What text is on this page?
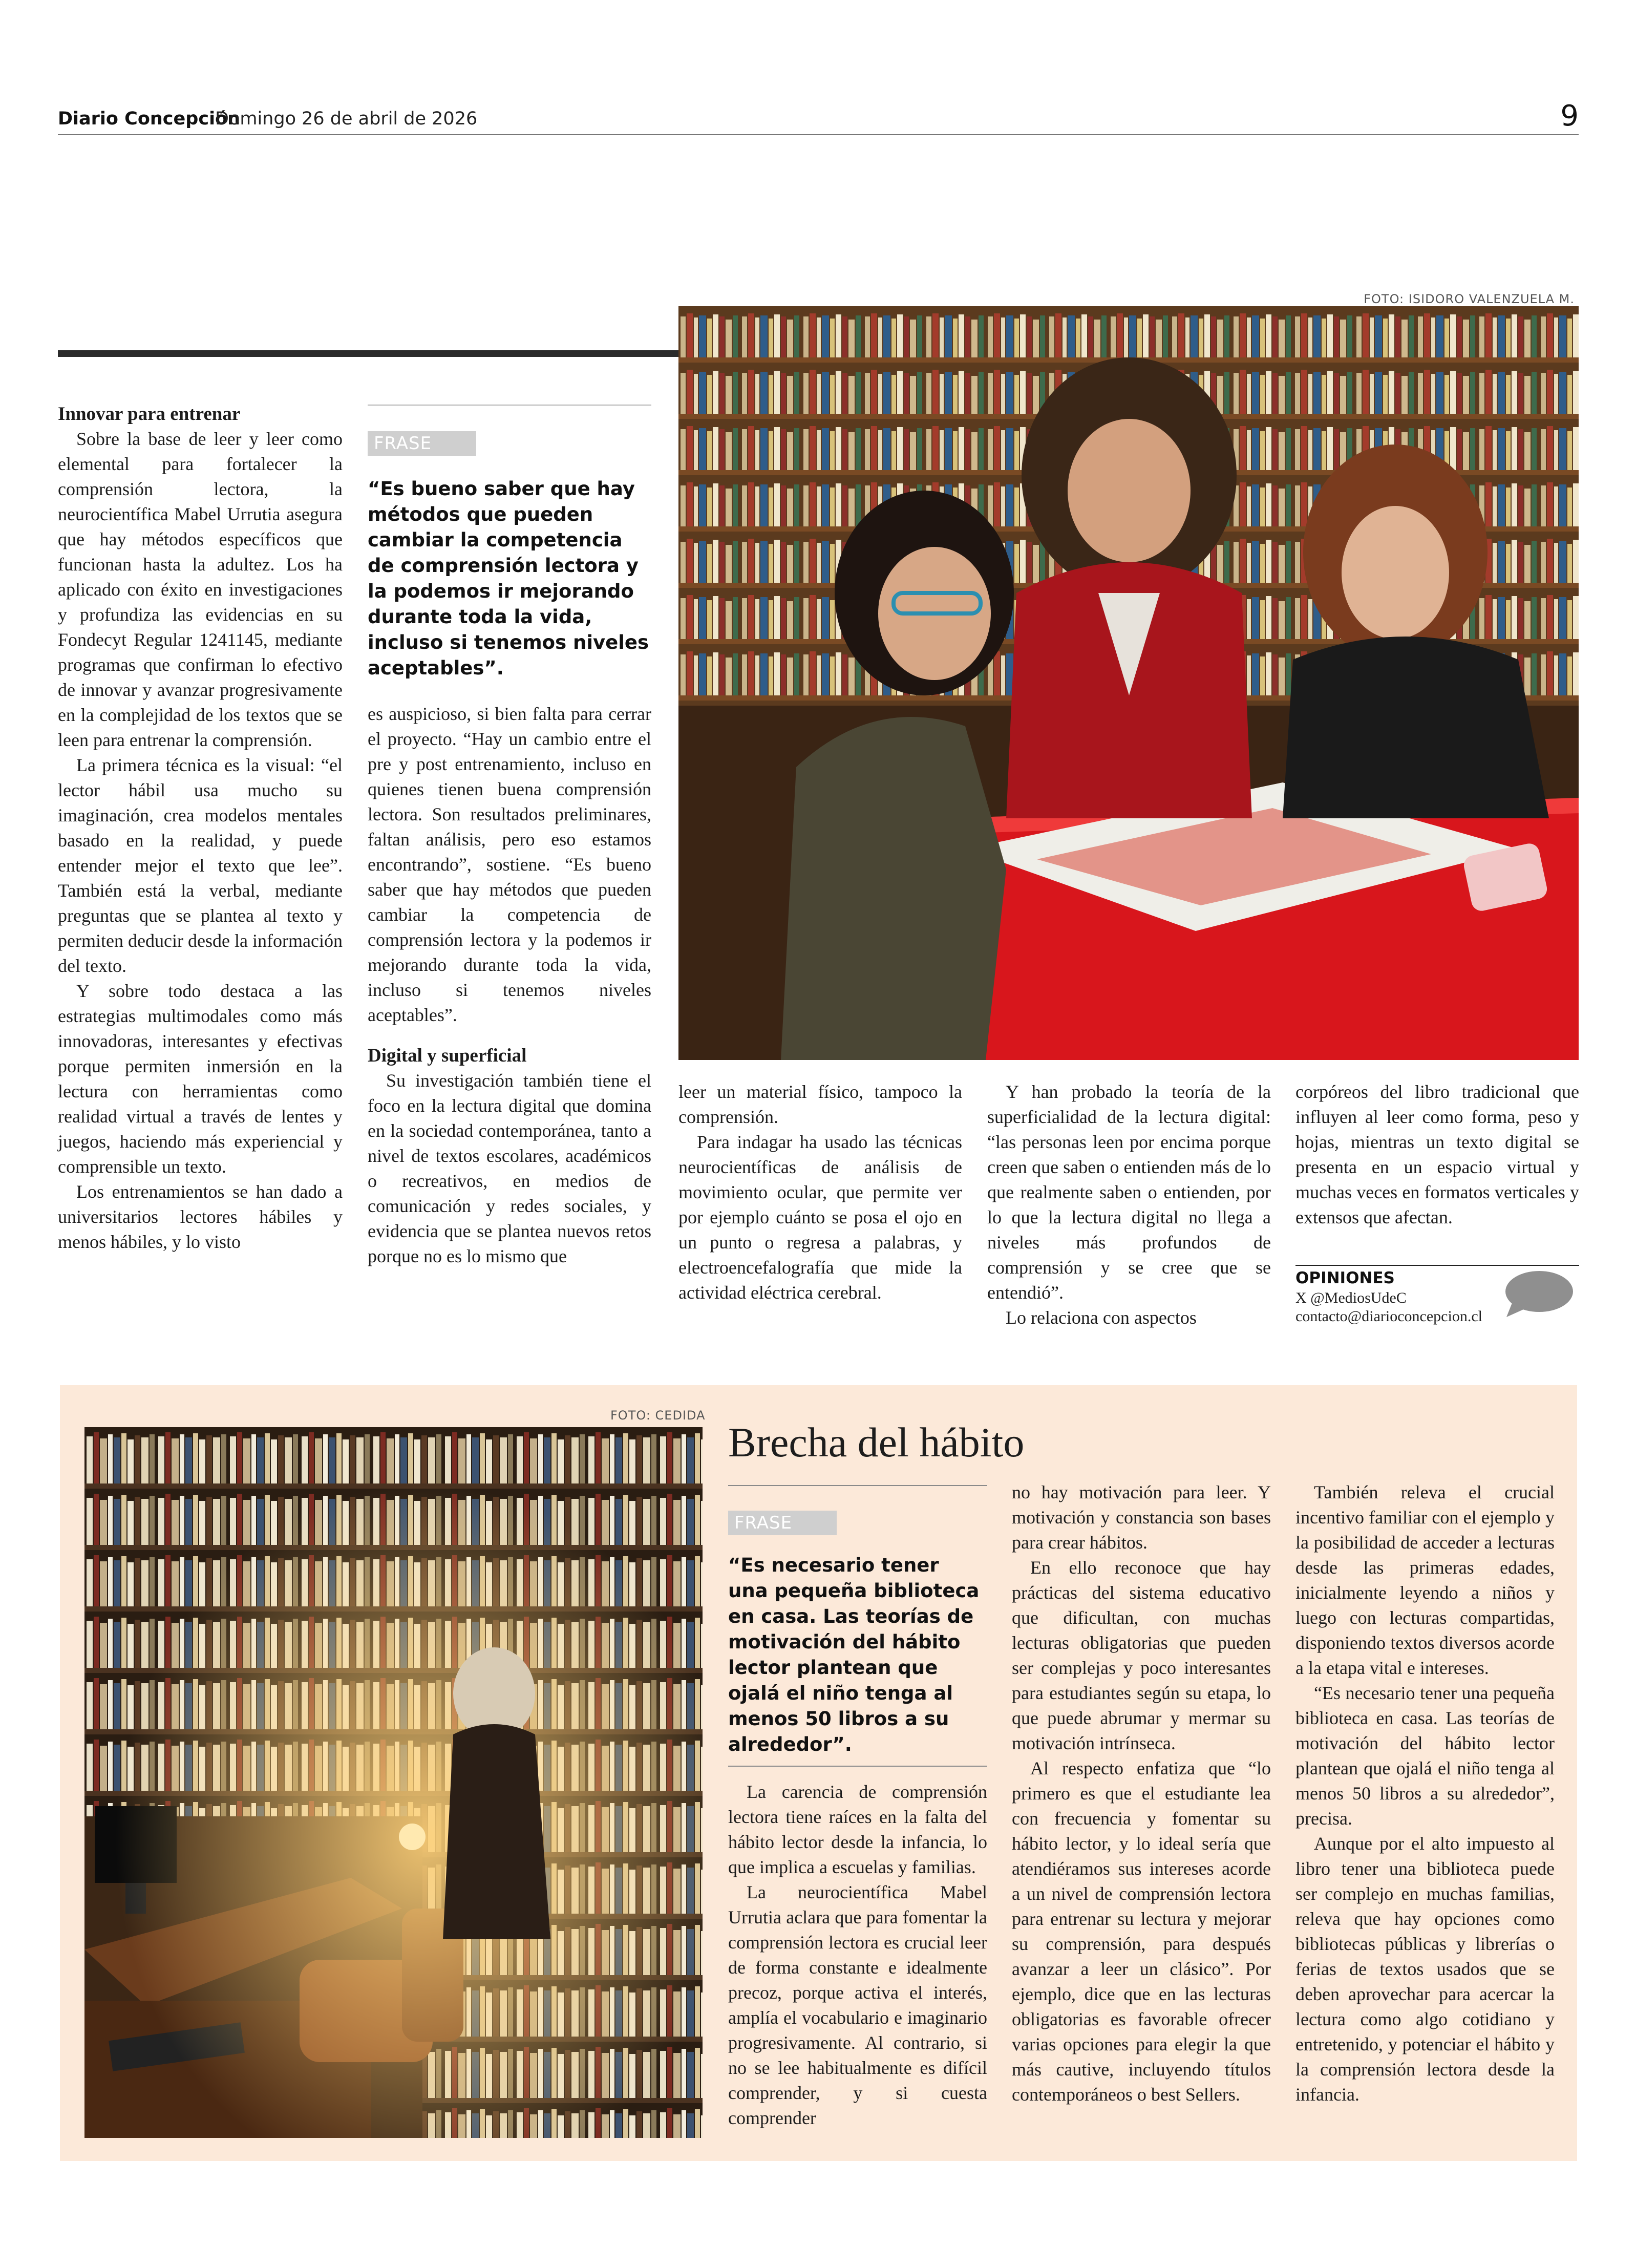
Diario Concepción
Domingo 26 de abril de 2026	9
FOTO: ISIDORO VALENZUELA M.
Innovar para entrenar

Sobre la base de leer y leer como elemental para fortalecer la comprensión lectora, la neurocientífica Mabel Urrutia asegura que hay métodos específicos que funcionan hasta la adultez. Los ha aplicado con éxito en investigaciones y profundiza las evidencias en su Fondecyt Regular 1241145, mediante programas que confirman lo efectivo de innovar y avanzar progresivamente en la complejidad de los textos que se leen para entrenar la comprensión.

La primera técnica es la visual: “el lector hábil usa mucho su imaginación, crea modelos mentales basado en la realidad, y puede entender mejor el texto que lee”. También está la verbal, mediante preguntas que se plantea al texto y permiten deducir desde la información del texto.

Y sobre todo destaca a las estrategias multimodales como más innovadoras, interesantes y efectivas porque permiten inmersión en la lectura con herramientas como realidad virtual a través de lentes y juegos, haciendo más experiencial y comprensible un texto.

Los entrenamientos se han dado a universitarios lectores hábiles y menos hábiles, y lo visto

FRASE
“Es bueno saber que hay métodos que pueden cambiar la competencia de comprensión lectora y la podemos ir mejorando durante toda la vida, incluso si tenemos niveles aceptables”.

es auspicioso, si bien falta para cerrar el proyecto. “Hay un cambio entre el pre y post entrenamiento, incluso en quienes tienen buena comprensión lectora. Son resultados preliminares, faltan análisis, pero eso estamos encontrando”, sostiene. “Es bueno saber que hay métodos que pueden cambiar la competencia de comprensión lectora y la podemos ir mejorando durante toda la vida, incluso si tenemos niveles aceptables”.

Digital y superficial

Su investigación también tiene el foco en la lectura digital que domina en la sociedad contemporánea, tanto a nivel de textos escolares, académicos o recreativos, en medios de comunicación y redes sociales, y evidencia que se plantea nuevos retos porque no es lo mismo que

leer un material físico, tampoco la comprensión.

Para indagar ha usado las técnicas neurocientíficas de análisis de movimiento ocular, que permite ver por ejemplo cuánto se posa el ojo en un punto o regresa a palabras, y electroencefalografía que mide la actividad eléctrica cerebral.

Y han probado la teoría de la superficialidad de la lectura digital: “las personas leen por encima porque creen que saben o entienden más de lo que realmente saben o entienden, por lo que la lectura digital no llega a niveles más profundos de comprensión y se cree que se entendió”.

Lo relaciona con aspectos

corpóreos del libro tradicional que influyen al leer como forma, peso y hojas, mientras un texto digital se presenta en un espacio virtual y muchas veces en formatos verticales y extensos que afectan.

OPINIONES
X @MediosUdeC
contacto@diarioconcepcion.cl
FOTO: CEDIDA
Brecha del hábito
FRASE
“Es necesario tener una pequeña biblioteca en casa. Las teorías de motivación del hábito lector plantean que ojalá el niño tenga al menos 50 libros a su alrededor”.

La carencia de comprensión lectora tiene raíces en la falta del hábito lector desde la infancia, lo que implica a escuelas y familias.

La neurocientífica Mabel Urrutia aclara que para fomentar la comprensión lectora es crucial leer de forma constante e idealmente precoz, porque activa el interés, amplía el vocabulario e imaginario progresivamente. Al contrario, si no se lee habitualmente es difícil comprender, y si cuesta comprender

no hay motivación para leer. Y motivación y constancia son bases para crear hábitos.

En ello reconoce que hay prácticas del sistema educativo que dificultan, con muchas lecturas obligatorias que pueden ser complejas y poco interesantes para estudiantes según su etapa, lo que puede abrumar y mermar su motivación intrínseca.

Al respecto enfatiza que “lo primero es que el estudiante lea con frecuencia y fomentar su hábito lector, y lo ideal sería que atendiéramos sus intereses acorde a un nivel de comprensión lectora para entrenar su lectura y mejorar su comprensión, para después avanzar a leer un clásico”. Por ejemplo, dice que en las lecturas obligatorias es favorable ofrecer varias opciones para elegir la que más cautive, incluyendo títulos contemporáneos o best Sellers.

También releva el crucial incentivo familiar con el ejemplo y la posibilidad de acceder a lecturas desde las primeras edades, inicialmente leyendo a niños y luego con lecturas compartidas, disponiendo textos diversos acorde a la etapa vital e intereses.

“Es necesario tener una pequeña biblioteca en casa. Las teorías de motivación del hábito lector plantean que ojalá el niño tenga al menos 50 libros a su alrededor”, precisa.

Aunque por el alto impuesto al libro tener una biblioteca puede ser complejo en muchas familias, releva que hay opciones como bibliotecas públicas y librerías o ferias de textos usados que se deben aprovechar para acercar la lectura como algo cotidiano y entretenido, y potenciar el hábito y la comprensión lectora desde la infancia.
